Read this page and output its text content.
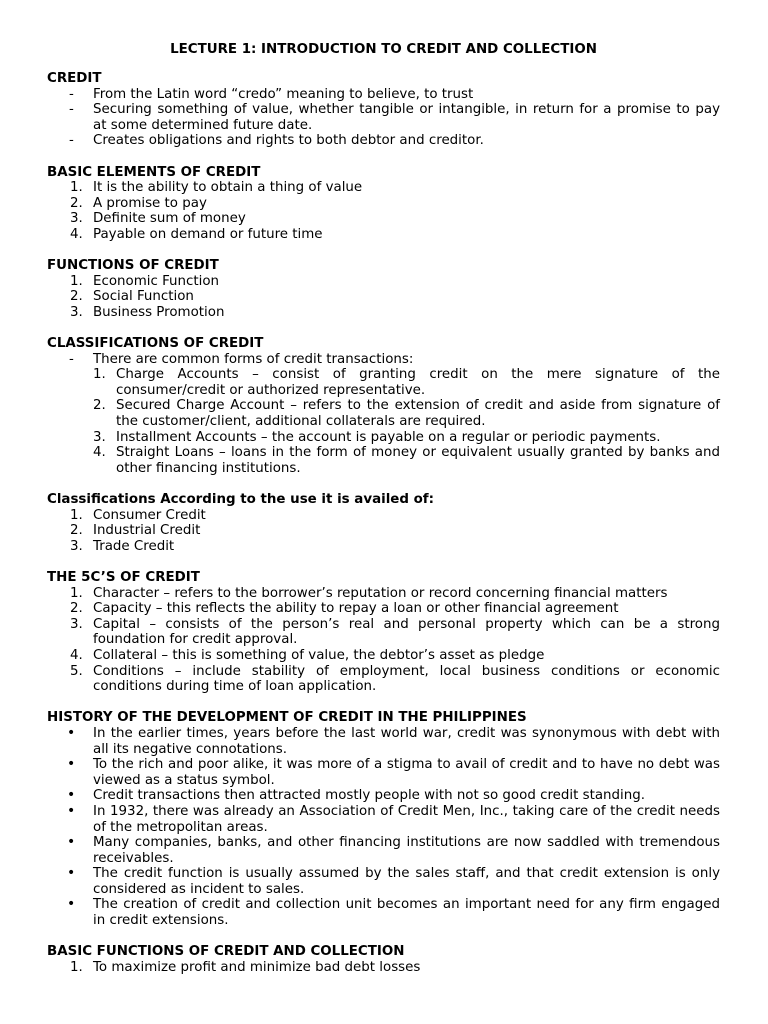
LECTURE 1: INTRODUCTION TO CREDIT AND COLLECTION
CREDIT
-	From the Latin word “credo” meaning to believe, to trust
-	Securing something of value, whether tangible or intangible, in return for a promise to pay at some determined future date.
-	Creates obligations and rights to both debtor and creditor.
BASIC ELEMENTS OF CREDIT
1. It is the ability to obtain a thing of value
2. A promise to pay
3. Definite sum of money
4. Payable on demand or future time
FUNCTIONS OF CREDIT
1. Economic Function
2. Social Function
3. Business Promotion
CLASSIFICATIONS OF CREDIT
-	There are common forms of credit transactions:
1. Charge Accounts – consist of granting credit on the mere signature of the consumer/credit or authorized representative.
2. Secured Charge Account – refers to the extension of credit and aside from signature of the customer/client, additional collaterals are required.
3. Installment Accounts – the account is payable on a regular or periodic payments.
4. Straight Loans – loans in the form of money or equivalent usually granted by banks and other financing institutions.
Classifications According to the use it is availed of:
1. Consumer Credit
2. Industrial Credit
3. Trade Credit
THE 5C’S OF CREDIT
1. Character – refers to the borrower’s reputation or record concerning financial matters
2. Capacity – this reflects the ability to repay a loan or other financial agreement
3. Capital – consists of the person’s real and personal property which can be a strong foundation for credit approval.
4. Collateral – this is something of value, the debtor’s asset as pledge
5. Conditions – include stability of employment, local business conditions or economic conditions during time of loan application.
HISTORY OF THE DEVELOPMENT OF CREDIT IN THE PHILIPPINES
•	In the earlier times, years before the last world war, credit was synonymous with debt with all its negative connotations.
•	To the rich and poor alike, it was more of a stigma to avail of credit and to have no debt was viewed as a status symbol.
•	Credit transactions then attracted mostly people with not so good credit standing.
•	In 1932, there was already an Association of Credit Men, Inc., taking care of the credit needs of the metropolitan areas.
•	Many companies, banks, and other financing institutions are now saddled with tremendous receivables.
•	The credit function is usually assumed by the sales staff, and that credit extension is only considered as incident to sales.
•	The creation of credit and collection unit becomes an important need for any firm engaged in credit extensions.
BASIC FUNCTIONS OF CREDIT AND COLLECTION
1. To maximize profit and minimize bad debt losses
